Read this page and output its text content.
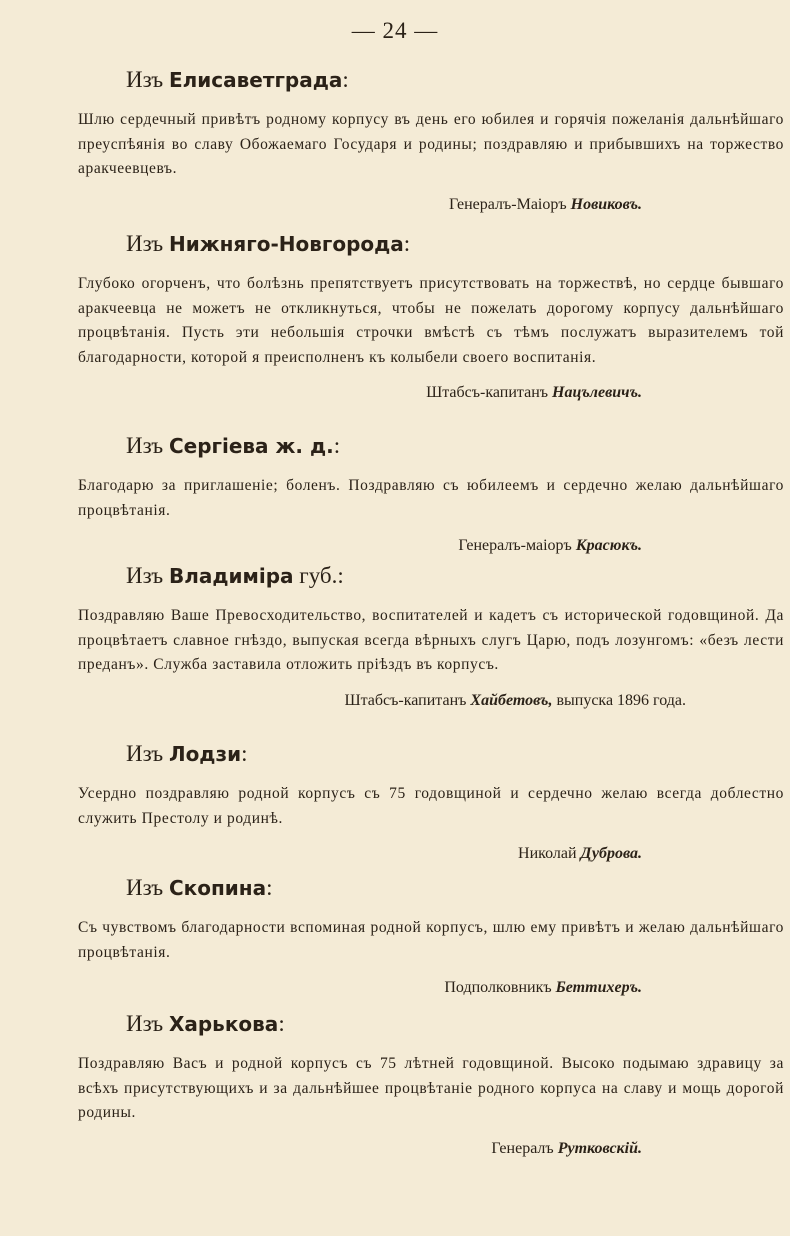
— 24 —
Изъ Елисаветграда:
Шлю сердечный привѣтъ родному корпусу въ день его юбилея и горячія пожеланія дальнѣйшаго преуспѣянія во славу Обожаемаго Государя и родины; поздравляю и прибывшихъ на торжество аракчеевцевъ.
Генералъ-Маіоръ Новиковъ.
Изъ Нижняго-Новгорода:
Глубоко огорченъ, что болѣзнь препятствуетъ присутствовать на торжествѣ, но сердце бывшаго аракчеевца не можетъ не откликнуться, чтобы не пожелать дорогому корпусу дальнѣйшаго процвѣтанія. Пусть эти небольшія строчки вмѣстѣ съ тѣмъ послужатъ выразителемъ той благодарности, которой я преисполненъ къ колыбели своего воспитанія.
Штабсъ-капитанъ Нацълевичъ.
Изъ Сергіева ж. д.:
Благодарю за приглашеніе; боленъ. Поздравляю съ юбилеемъ и сердечно желаю дальнѣйшаго процвѣтанія.
Генералъ-маіоръ Красюкъ.
Изъ Владиміра губ.:
Поздравляю Ваше Превосходительство, воспитателей и кадетъ съ исторической годовщиной. Да процвѣтаетъ славное гнѣздо, выпуская всегда вѣрныхъ слугъ Царю, подъ лозунгомъ: «безъ лести преданъ». Служба заставила отложить прiѣздъ въ корпусъ.
Штабсъ-капитанъ Хайбетовъ, выпуска 1896 года.
Изъ Лодзи:
Усердно поздравляю родной корпусъ съ 75 годовщиной и сердечно желаю всегда доблестно служить Престолу и родинѣ.
Николай Дуброва.
Изъ Скопина:
Съ чувствомъ благодарности вспоминая родной корпусъ, шлю ему привѣтъ и желаю дальнѣйшаго процвѣтанія.
Подполковникъ Беттихеръ.
Изъ Харькова:
Поздравляю Васъ и родной корпусъ съ 75 лѣтней годовщиной. Высоко подымаю здравицу за всѣхъ присутствующихъ и за дальнѣйшее процвѣтаніе родного корпуса на славу и мощь дорогой родины.
Генералъ Рутковскій.
